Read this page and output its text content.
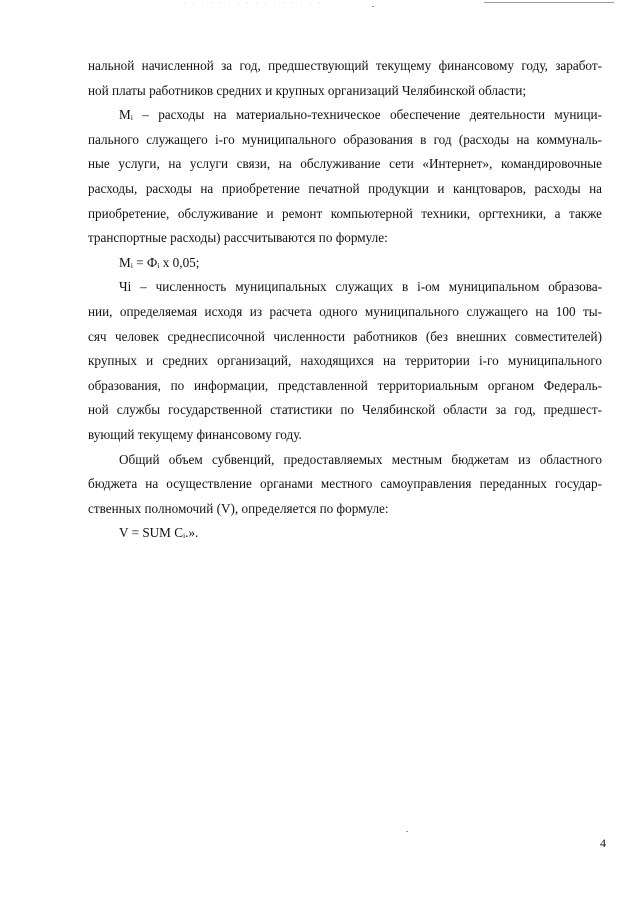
нальной начисленной за год, предшествующий текущему финансовому году, заработ-
ной платы работников средних и крупных организаций Челябинской области;

Мᵢ – расходы на материально-техническое обеспечение деятельности муници-
пального служащего i-го муниципального образования в год (расходы на коммуналь-
ные услуги, на услуги связи, на обслуживание сети «Интернет», командировочные
расходы, расходы на приобретение печатной продукции и канцтоваров, расходы на
приобретение, обслуживание и ремонт компьютерной техники, оргтехники, а также
транспортные расходы) рассчитываются по формуле:

Мᵢ = Фᵢ х 0,05;

Чi – численность муниципальных служащих в i-ом муниципальном образова-
нии, определяемая исходя из расчета одного муниципального служащего на 100 ты-
сяч человек среднесписочной численности работников (без внешних совместителей)
крупных и средних организаций, находящихся на территории i-го муниципального
образования, по информации, представленной территориальным органом Федераль-
ной службы государственной статистики по Челябинской области за год, предшест-
вующий текущему финансовому году.

Общий объем субвенций, предоставляемых местным бюджетам из областного
бюджета на осуществление органами местного самоуправления переданных государ-
ственных полномочий (V), определяется по формуле:

V = SUM Сᵢ.».

4
